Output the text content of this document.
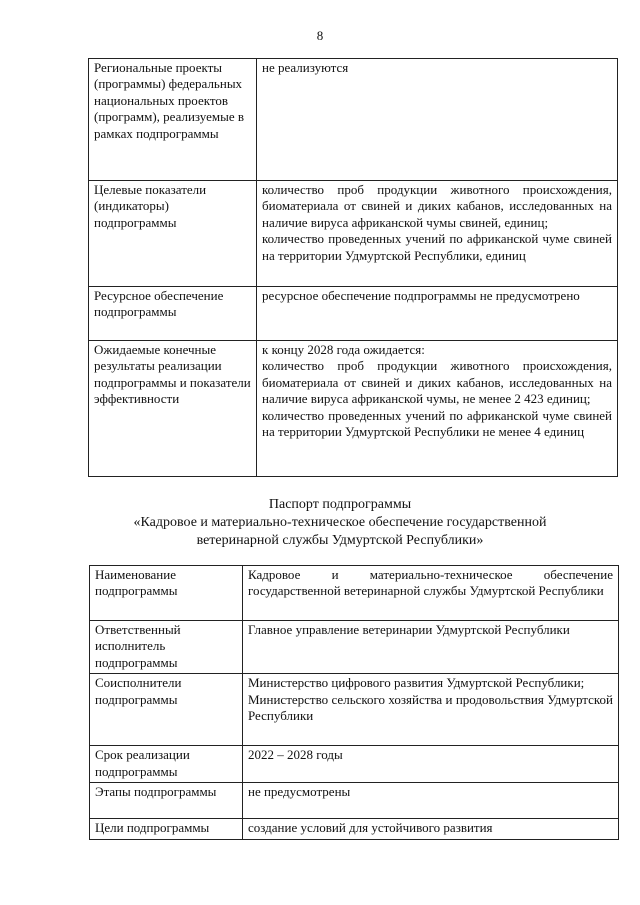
8
Региональные проекты (программы) федеральных национальных проектов (программ), реализуемые в рамках подпрограммы	не реализуются

Целевые показатели (индикаторы) подпрограммы	количество проб продукции животного происхождения, биоматериала от свиней и диких кабанов, исследованных на наличие вируса африканской чумы свиней, единиц;

количество проведенных учений по африканской чуме свиней на территории Удмуртской Республики, единиц

Ресурсное обеспечение подпрограммы	ресурсное обеспечение подпрограммы не предусмотрено

Ожидаемые конечные результаты реализации подпрограммы и показатели эффективности	к концу 2028 года ожидается:

количество проб продукции животного происхождения, биоматериала от свиней и диких кабанов, исследованных на наличие вируса африканской чумы, не менее 2 423 единиц;

количество проведенных учений по африканской чуме свиней на территории Удмуртской Республики не менее 4 единиц

Паспорт подпрограммы
«Кадровое и материально-техническое обеспечение государственной
ветеринарной службы Удмуртской Республики»
Наименование подпрограммы	Кадровое и материально-техническое обеспечение государственной ветеринарной службы Удмуртской Республики

Ответственный исполнитель подпрограммы	Главное управление ветеринарии Удмуртской Республики

Соисполнители подпрограммы	Министерство цифрового развития Удмуртской Республики;

Министерство сельского хозяйства и продовольствия Удмуртской Республики

Срок реализации подпрограммы	2022 – 2028 годы

Этапы подпрограммы	не предусмотрены

Цели подпрограммы	создание условий для устойчивого развития
